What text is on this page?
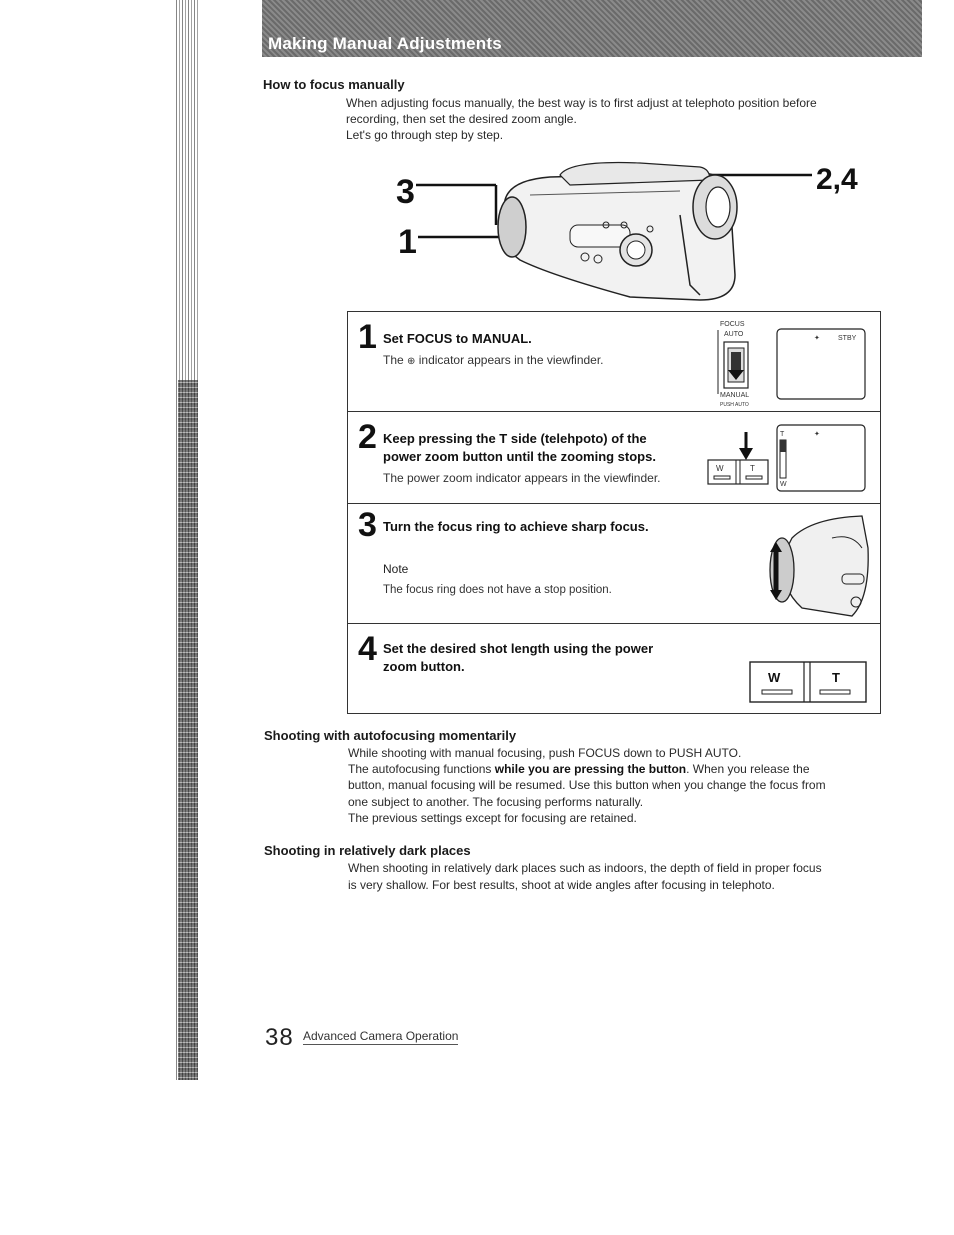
Making Manual Adjustments
How to focus manually

When adjusting focus manually, the best way is to first adjust at telephoto position before

recording, then set the desired zoom angle.

Let's go through step by step.

3
1
2,4
1 Set FOCUS to MANUAL.
The ⊕ indicator appears in the viewfinder.
FOCUS
AUTO
MANUAL
PUSH AUTO
✦	STBY
2 Keep pressing the T side (telehpoto) of the
power zoom button until the zooming stops.
The power zoom indicator appears in the viewfinder.
W	T
T
W
✦
3 Turn the focus ring to achieve sharp focus.
Note
The focus ring does not have a stop position.
4 Set the desired shot length using the power
zoom button.
W	T
Shooting with autofocusing momentarily

While shooting with manual focusing, push FOCUS down to PUSH AUTO.

The autofocusing functions while you are pressing the button. When you release the

button, manual focusing will be resumed. Use this button when you change the focus from

one subject to another. The focusing performs naturally.

The previous settings except for focusing are retained.

Shooting in relatively dark places

When shooting in relatively dark places such as indoors, the depth of field in proper focus

is very shallow. For best results, shoot at wide angles after focusing in telephoto.

38 Advanced Camera Operation
